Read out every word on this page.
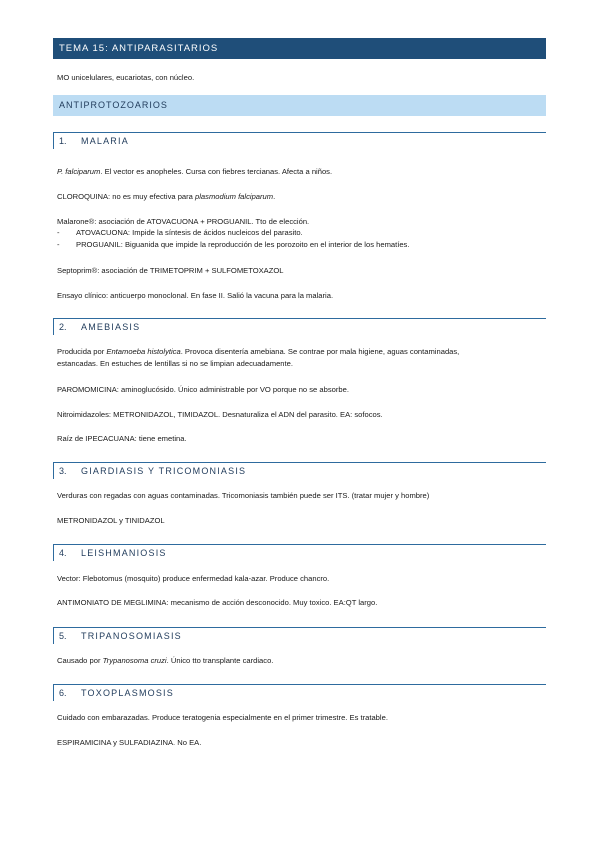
TEMA 15: ANTIPARASITARIOS
MO unicelulares, eucariotas, con núcleo.
ANTIPROTOZOARIOS
1. MALARIA
P. falciparum. El vector es anopheles. Cursa con fiebres tercianas. Afecta a niños.
CLOROQUINA: no es muy efectiva para plasmodium falciparum.
Malarone®: asociación de ATOVACUONA + PROGUANIL. Tto de elección.
- ATOVACUONA: Impide la síntesis de ácidos nucleicos del parasito.
- PROGUANIL: Biguanida que impide la reproducción de les porozoito en el interior de los hematíes.
Septoprim®: asociación de TRIMETOPRIM + SULFOMETOXAZOL
Ensayo clínico: anticuerpo monoclonal. En fase II. Salió la vacuna para la malaria.
2. AMEBIASIS
Producida por Entamoeba histolytica. Provoca disentería amebiana. Se contrae por mala higiene, aguas contaminadas,
estancadas. En estuches de lentillas si no se limpian adecuadamente.
PAROMOMICINA: aminoglucósido. Único administrable por VO porque no se absorbe.
Nitroimidazoles: METRONIDAZOL, TIMIDAZOL. Desnaturaliza el ADN del parasito. EA: sofocos.
Raíz de IPECACUANA: tiene emetina.
3. GIARDIASIS Y TRICOMONIASIS
Verduras con regadas con aguas contaminadas. Tricomoniasis también puede ser ITS. (tratar mujer y hombre)
METRONIDAZOL y TINIDAZOL
4. LEISHMANIOSIS
Vector: Flebotomus (mosquito) produce enfermedad kala-azar. Produce chancro.
ANTIMONIATO DE MEGLIMINA: mecanismo de acción desconocido. Muy toxico. EA:QT largo.
5. TRIPANOSOMIASIS
Causado por Trypanosoma cruzi. Único tto transplante cardiaco.
6. TOXOPLASMOSIS
Cuidado con embarazadas. Produce teratogenia especialmente en el primer trimestre. Es tratable.
ESPIRAMICINA y SULFADIAZINA. No EA.
